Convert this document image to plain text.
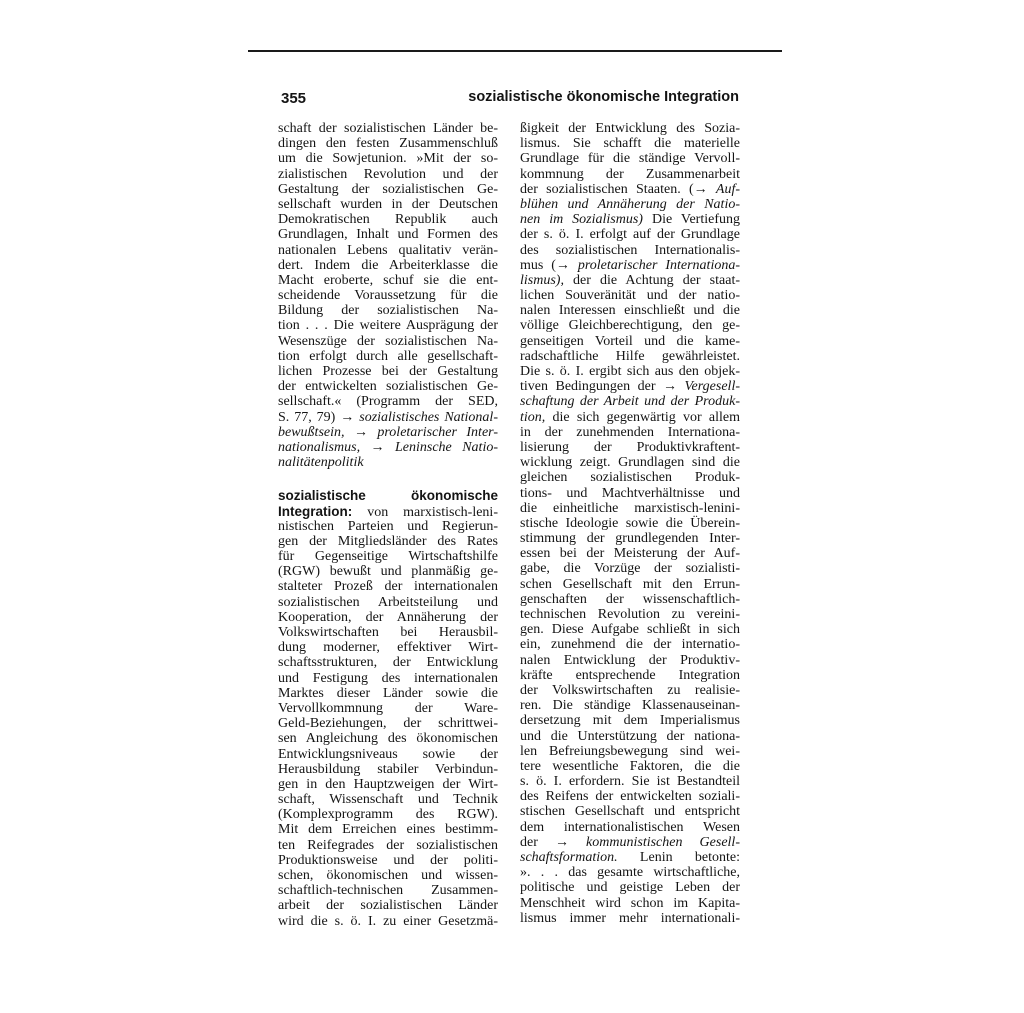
355	sozialistische ökonomische Integration
schaft der sozialistischen Länder be-
dingen den festen Zusammenschluß
um die Sowjetunion. »Mit der so-
zialistischen Revolution und der
Gestaltung der sozialistischen Ge-
sellschaft wurden in der Deutschen
Demokratischen Republik auch
Grundlagen, Inhalt und Formen des
nationalen Lebens qualitativ verän-
dert. Indem die Arbeiterklasse die
Macht eroberte, schuf sie die ent-
scheidende Voraussetzung für die
Bildung der sozialistischen Na-
tion . . . Die weitere Ausprägung der
Wesenszüge der sozialistischen Na-
tion erfolgt durch alle gesellschaft-
lichen Prozesse bei der Gestaltung
der entwickelten sozialistischen Ge-
sellschaft.« (Programm der SED,
S. 77, 79) → sozialistisches National-
bewußtsein, → proletarischer Inter-
nationalismus, → Leninsche Natio-
nalitätenpolitik
sozialistische ökonomische
Integration: von marxistisch-leni-
nistischen Parteien und Regierun-
gen der Mitgliedsländer des Rates
für Gegenseitige Wirtschaftshilfe
(RGW) bewußt und planmäßig ge-
stalteter Prozeß der internationalen
sozialistischen Arbeitsteilung und
Kooperation, der Annäherung der
Volkswirtschaften bei Herausbil-
dung moderner, effektiver Wirt-
schaftsstrukturen, der Entwicklung
und Festigung des internationalen
Marktes dieser Länder sowie die
Vervollkommnung der Ware-
Geld-Beziehungen, der schrittwei-
sen Angleichung des ökonomischen
Entwicklungsniveaus sowie der
Herausbildung stabiler Verbindun-
gen in den Hauptzweigen der Wirt-
schaft, Wissenschaft und Technik
(Komplexprogramm des RGW).
Mit dem Erreichen eines bestimm-
ten Reifegrades der sozialistischen
Produktionsweise und der politi-
schen, ökonomischen und wissen-
schaftlich-technischen Zusammen-
arbeit der sozialistischen Länder
wird die s. ö. I. zu einer Gesetzmä-
ßigkeit der Entwicklung des Sozia-
lismus. Sie schafft die materielle
Grundlage für die ständige Vervoll-
kommnung der Zusammenarbeit
der sozialistischen Staaten. (→ Auf-
blühen und Annäherung der Natio-
nen im Sozialismus) Die Vertiefung
der s. ö. I. erfolgt auf der Grundlage
des sozialistischen Internationalis-
mus (→ proletarischer Internationa-
lismus), der die Achtung der staat-
lichen Souveränität und der natio-
nalen Interessen einschließt und die
völlige Gleichberechtigung, den ge-
genseitigen Vorteil und die kame-
radschaftliche Hilfe gewährleistet.
Die s. ö. I. ergibt sich aus den objek-
tiven Bedingungen der → Vergesell-
schaftung der Arbeit und der Produk-
tion, die sich gegenwärtig vor allem
in der zunehmenden Internationa-
lisierung der Produktivkraftent-
wicklung zeigt. Grundlagen sind die
gleichen sozialistischen Produk-
tions- und Machtverhältnisse und
die einheitliche marxistisch-lenini-
stische Ideologie sowie die Überein-
stimmung der grundlegenden Inter-
essen bei der Meisterung der Auf-
gabe, die Vorzüge der sozialisti-
schen Gesellschaft mit den Errun-
genschaften der wissenschaftlich-
technischen Revolution zu vereini-
gen. Diese Aufgabe schließt in sich
ein, zunehmend die der internatio-
nalen Entwicklung der Produktiv-
kräfte entsprechende Integration
der Volkswirtschaften zu realisie-
ren. Die ständige Klassenauseinan-
dersetzung mit dem Imperialismus
und die Unterstützung der nationa-
len Befreiungsbewegung sind wei-
tere wesentliche Faktoren, die die
s. ö. I. erfordern. Sie ist Bestandteil
des Reifens der entwickelten soziali-
stischen Gesellschaft und entspricht
dem internationalistischen Wesen
der → kommunistischen Gesell-
schaftsformation. Lenin betonte:
». . . das gesamte wirtschaftliche,
politische und geistige Leben der
Menschheit wird schon im Kapita-
lismus immer mehr internationali-
